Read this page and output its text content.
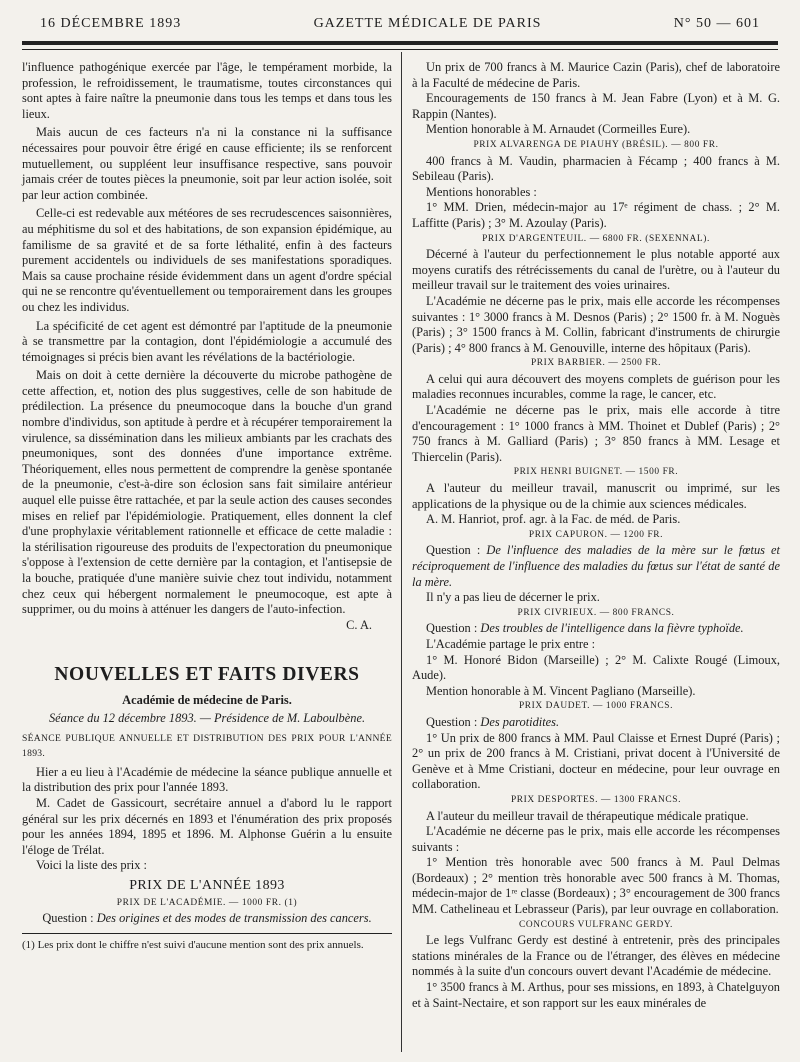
16 DÉCEMBRE 1893	GAZETTE MÉDICALE DE PARIS	N° 50 — 601

l'influence pathogénique exercée par l'âge, le tempérament morbide, la profession, le refroidissement, le traumatisme, toutes circonstances qui sont aptes à faire naître la pneumonie dans tous les temps et dans tous les lieux.

Mais aucun de ces facteurs n'a ni la constance ni la suffisance nécessaires pour pouvoir être érigé en cause efficiente; ils se renforcent mutuellement, ou suppléent leur insuffisance respective, sans pouvoir jamais créer de toutes pièces la pneumonie, soit par leur action isolée, soit par leur action combinée.

Celle-ci est redevable aux météores de ses recrudescences saisonnières, au méphitisme du sol et des habitations, de son expansion épidémique, au familisme de sa gravité et de sa forte léthalité, enfin à des facteurs purement accidentels ou individuels de ses manifestations sporadiques. Mais sa cause prochaine réside évidemment dans un agent d'ordre spécial qui ne se rencontre qu'éventuellement ou temporairement dans les groupes ou chez les individus.

La spécificité de cet agent est démontré par l'aptitude de la pneumonie à se transmettre par la contagion, dont l'épidémiologie a accumulé des témoignages si précis bien avant les révélations de la bactériologie.

Mais on doit à cette dernière la découverte du microbe pathogène de cette affection, et, notion des plus suggestives, celle de son habitude de prédilection. La présence du pneumocoque dans la bouche d'un grand nombre d'individus, son aptitude à perdre et à récupérer temporairement la virulence, sa dissémination dans les milieux ambiants par les crachats des pneumoniques, sont des données d'une importance extrême. Théoriquement, elles nous permettent de comprendre la genèse spontanée de la pneumonie, c'est-à-dire son éclosion sans fait similaire antérieur auquel elle puisse être rattachée, et par la seule action des causes secondes mises en relief par l'épidémiologie. Pratiquement, elles donnent la clef d'une prophylaxie véritablement rationnelle et efficace de cette maladie : la stérilisation rigoureuse des produits de l'expectoration du pneumonique s'oppose à l'extension de cette dernière par la contagion, et l'antisepsie de la bouche, pratiquée d'une manière suivie chez tout individu, notamment chez ceux qui hébergent normalement le pneumocoque, est apte à supprimer, ou du moins à atténuer les dangers de l'auto-infection.

C. A.

NOUVELLES ET FAITS DIVERS
Académie de médecine de Paris.

Séance du 12 décembre 1893. — Présidence de M. Laboulbène.

SÉANCE PUBLIQUE ANNUELLE ET DISTRIBUTION DES PRIX POUR L'ANNÉE 1893.

Hier a eu lieu à l'Académie de médecine la séance publique annuelle et la distribution des prix pour l'année 1893.

M. Cadet de Gassicourt, secrétaire annuel a d'abord lu le rapport général sur les prix décernés en 1893 et l'énumération des prix proposés pour les années 1894, 1895 et 1896. M. Alphonse Guérin a lu ensuite l'éloge de Trélat.

Voici la liste des prix :

PRIX DE L'ANNÉE 1893
PRIX DE L'ACADÉMIE. — 1000 FR. (1)

Question : Des origines et des modes de transmission des cancers.

(1) Les prix dont le chiffre n'est suivi d'aucune mention sont des prix annuels.

Un prix de 700 francs à M. Maurice Cazin (Paris), chef de laboratoire à la Faculté de médecine de Paris.

Encouragements de 150 francs à M. Jean Fabre (Lyon) et à M. G. Rappin (Nantes).

Mention honorable à M. Arnaudet (Cormeilles Eure).

PRIX ALVARENGA DE PIAUHY (BRÉSIL). — 800 FR.

400 francs à M. Vaudin, pharmacien à Fécamp ; 400 francs à M. Sebileau (Paris).

Mentions honorables :

1° MM. Drien, médecin-major au 17ᵉ régiment de chass. ; 2° M. Laffitte (Paris) ; 3° M. Azoulay (Paris).

PRIX D'ARGENTEUIL. — 6800 FR. (SEXENNAL).

Décerné à l'auteur du perfectionnement le plus notable apporté aux moyens curatifs des rétrécissements du canal de l'urètre, ou à l'auteur du meilleur travail sur le traitement des voies urinaires.

L'Académie ne décerne pas le prix, mais elle accorde les récompenses suivantes : 1° 3000 francs à M. Desnos (Paris) ; 2° 1500 fr. à M. Noguès (Paris) ; 3° 1500 francs à M. Collin, fabricant d'instruments de chirurgie (Paris) ; 4° 800 francs à M. Genouville, interne des hôpitaux (Paris).

PRIX BARBIER. — 2500 FR.

A celui qui aura découvert des moyens complets de guérison pour les maladies reconnues incurables, comme la rage, le cancer, etc.

L'Académie ne décerne pas le prix, mais elle accorde à titre d'encouragement : 1° 1000 francs à MM. Thoinet et Dublef (Paris) ; 2° 750 francs à M. Galliard (Paris) ; 3° 850 francs à MM. Lesage et Thiercelin (Paris).

PRIX HENRI BUIGNET. — 1500 FR.

A l'auteur du meilleur travail, manuscrit ou imprimé, sur les applications de la physique ou de la chimie aux sciences médicales.

A. M. Hanriot, prof. agr. à la Fac. de méd. de Paris.

PRIX CAPURON. — 1200 FR.

Question : De l'influence des maladies de la mère sur le fœtus et réciproquement de l'influence des maladies du fœtus sur l'état de santé de la mère.

Il n'y a pas lieu de décerner le prix.

PRIX CIVRIEUX. — 800 FRANCS.

Question : Des troubles de l'intelligence dans la fièvre typhoïde.

L'Académie partage le prix entre :

1° M. Honoré Bidon (Marseille) ; 2° M. Calixte Rougé (Limoux, Aude).

Mention honorable à M. Vincent Pagliano (Marseille).

PRIX DAUDET. — 1000 FRANCS.

Question : Des parotidites.

1° Un prix de 800 francs à MM. Paul Claisse et Ernest Dupré (Paris) ; 2° un prix de 200 francs à M. Cristiani, privat docent à l'Université de Genève et à Mme Cristiani, docteur en médecine, pour leur ouvrage en collaboration.

PRIX DESPORTES. — 1300 FRANCS.

A l'auteur du meilleur travail de thérapeutique médicale pratique.

L'Académie ne décerne pas le prix, mais elle accorde les récompenses suivants :

1° Mention très honorable avec 500 francs à M. Paul Delmas (Bordeaux) ; 2° mention très honorable avec 500 francs à M. Thomas, médecin-major de 1ʳᵉ classe (Bordeaux) ; 3° encouragement de 300 francs MM. Cathelineau et Lebrasseur (Paris), par leur ouvrage en collaboration.

CONCOURS VULFRANC GERDY.

Le legs Vulfranc Gerdy est destiné à entretenir, près des principales stations minérales de la France ou de l'étranger, des élèves en médecine nommés à la suite d'un concours ouvert devant l'Académie de médecine.

1° 3500 francs à M. Arthus, pour ses missions, en 1893, à Chatelguyon et à Saint-Nectaire, et son rapport sur les eaux minérales de
